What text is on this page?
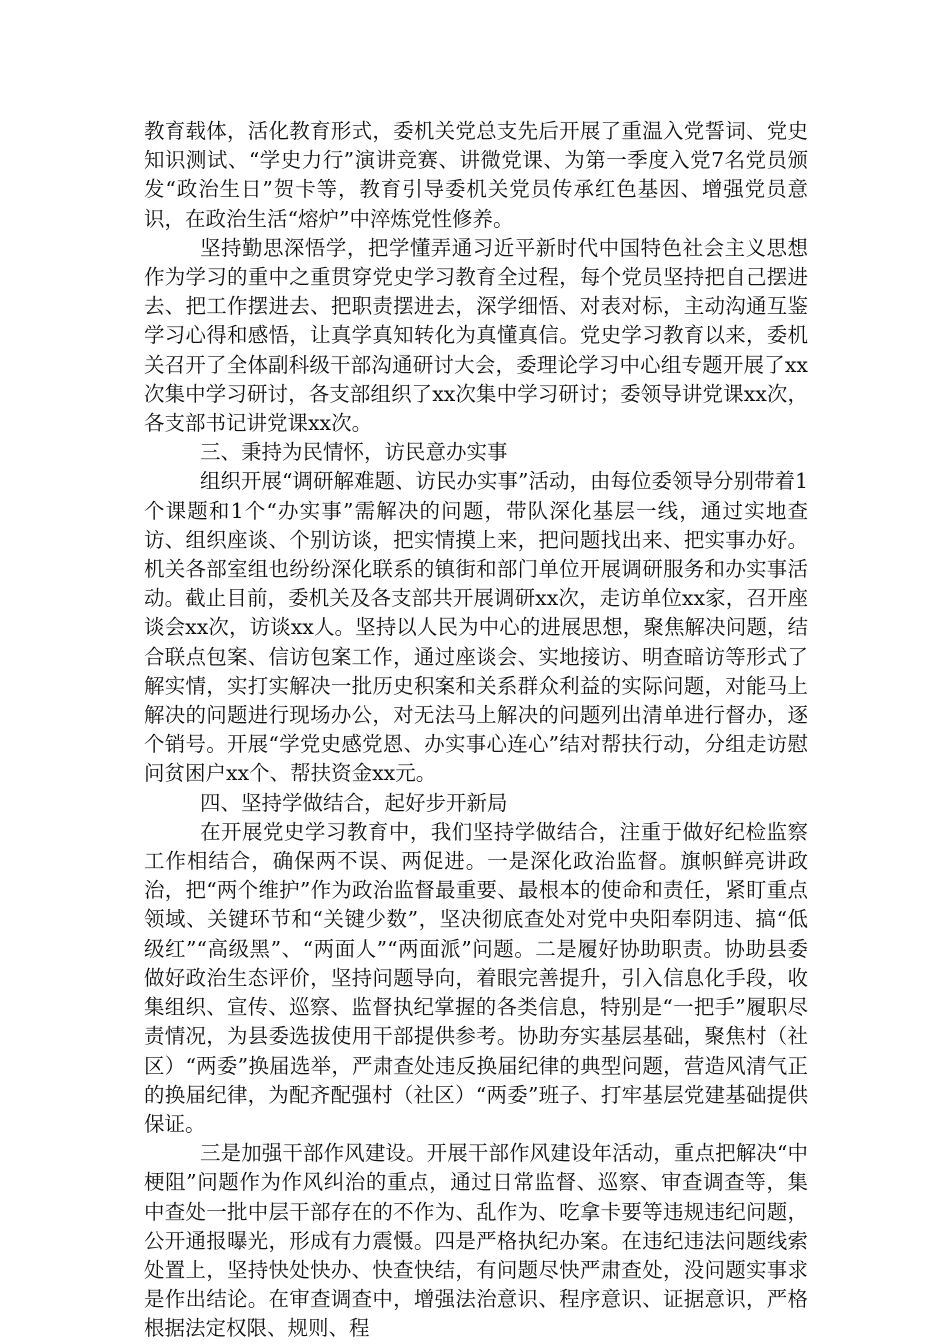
教育载体，活化教育形式，委机关党总支先后开展了重温入党誓词、党史知识测试、“学史力行”演讲竞赛、讲微党课、为第一季度入党7名党员颁发“政治生日”贺卡等，教育引导委机关党员传承红色基因、增强党员意识，在政治生活“熔炉”中淬炼党性修养。

坚持勤思深悟学，把学懂弄通习近平新时代中国特色社会主义思想作为学习的重中之重贯穿党史学习教育全过程，每个党员坚持把自己摆进去、把工作摆进去、把职责摆进去，深学细悟、对表对标，主动沟通互鉴学习心得和感悟，让真学真知转化为真懂真信。党史学习教育以来，委机关召开了全体副科级干部沟通研讨大会，委理论学习中心组专题开展了xx次集中学习研讨，各支部组织了xx次集中学习研讨；委领导讲党课xx次，各支部书记讲党课xx次。

三、秉持为民情怀，访民意办实事

组织开展“调研解难题、访民办实事”活动，由每位委领导分别带着1个课题和1个“办实事”需解决的问题，带队深化基层一线，通过实地查访、组织座谈、个别访谈，把实情摸上来，把问题找出来、把实事办好。机关各部室组也纷纷深化联系的镇街和部门单位开展调研服务和办实事活动。截止目前，委机关及各支部共开展调研xx次，走访单位xx家，召开座谈会xx次，访谈xx人。坚持以人民为中心的进展思想，聚焦解决问题，结合联点包案、信访包案工作，通过座谈会、实地接访、明查暗访等形式了解实情，实打实解决一批历史积案和关系群众利益的实际问题，对能马上解决的问题进行现场办公，对无法马上解决的问题列出清单进行督办，逐个销号。开展“学党史感党恩、办实事心连心”结对帮扶行动，分组走访慰问贫困户xx个、帮扶资金xx元。

四、坚持学做结合，起好步开新局

在开展党史学习教育中，我们坚持学做结合，注重于做好纪检监察工作相结合，确保两不误、两促进。一是深化政治监督。旗帜鲜亮讲政治，把“两个维护”作为政治监督最重要、最根本的使命和责任，紧盯重点领域、关键环节和“关键少数”，坚决彻底查处对党中央阳奉阴违、搞“低级红”“高级黑”、“两面人”“两面派”问题。二是履好协助职责。协助县委做好政治生态评价，坚持问题导向，着眼完善提升，引入信息化手段，收集组织、宣传、巡察、监督执纪掌握的各类信息，特别是“一把手”履职尽责情况，为县委选拔使用干部提供参考。协助夯实基层基础，聚焦村（社区）“两委”换届选举，严肃查处违反换届纪律的典型问题，营造风清气正的换届纪律，为配齐配强村（社区）“两委”班子、打牢基层党建基础提供保证。

三是加强干部作风建设。开展干部作风建设年活动，重点把解决“中梗阻”问题作为作风纠治的重点，通过日常监督、巡察、审查调查等，集中查处一批中层干部存在的不作为、乱作为、吃拿卡要等违规违纪问题，公开通报曝光，形成有力震慑。四是严格执纪办案。在违纪违法问题线索处置上，坚持快处快办、快查快结，有问题尽快严肃查处，没问题实事求是作出结论。在审查调查中，增强法治意识、程序意识、证据意识，严格根据法定权限、规则、程
